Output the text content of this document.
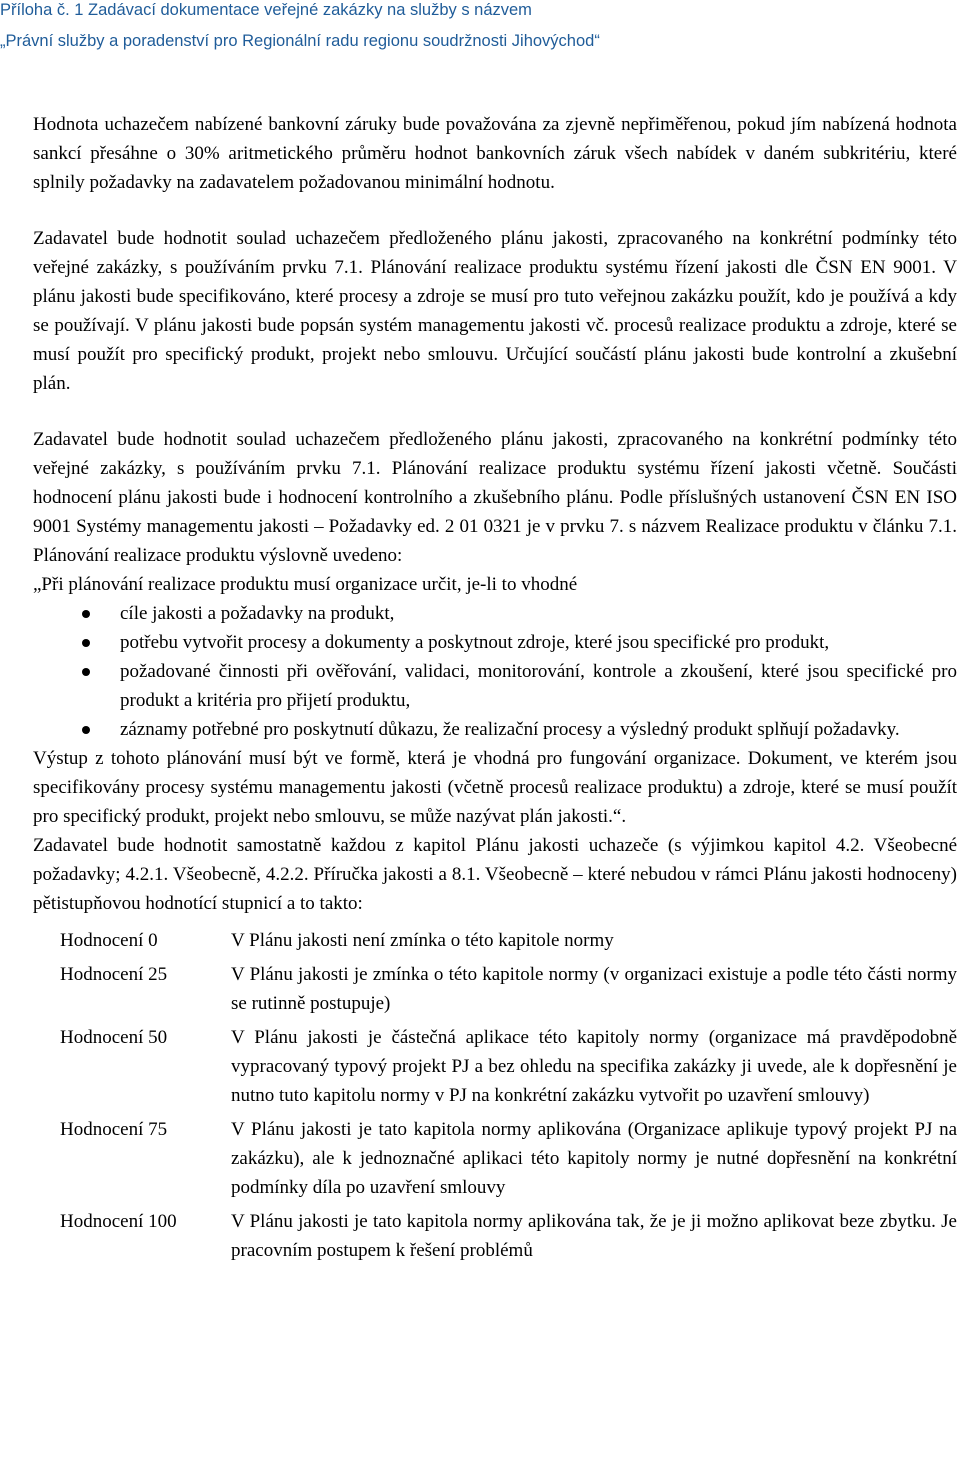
Příloha č. 1 Zadávací dokumentace veřejné zakázky na služby s názvem
„Právní služby a poradenství pro Regionální radu regionu soudržnosti Jihovýchod“

Hodnota uchazečem nabízené bankovní záruky bude považována za zjevně nepřiměřenou, pokud jím nabízená hodnota sankcí přesáhne o 30% aritmetického průměru hodnot bankovních záruk všech nabídek v daném subkritériu, které splnily požadavky na zadavatelem požadovanou minimální hodnotu.

Zadavatel bude hodnotit soulad uchazečem předloženého plánu jakosti, zpracovaného na konkrétní podmínky této veřejné zakázky, s používáním prvku 7.1. Plánování realizace produktu systému řízení jakosti dle ČSN EN 9001. V plánu jakosti bude specifikováno, které procesy a zdroje se musí pro tuto veřejnou zakázku použít, kdo je používá a kdy se používají. V plánu jakosti bude popsán systém managementu jakosti vč. procesů realizace produktu a zdroje, které se musí použít pro specifický produkt, projekt nebo smlouvu. Určující součástí plánu jakosti bude kontrolní a zkušební plán.

Zadavatel bude hodnotit soulad uchazečem předloženého plánu jakosti, zpracovaného na konkrétní podmínky této veřejné zakázky, s používáním prvku 7.1. Plánování realizace produktu systému řízení jakosti včetně. Součásti hodnocení plánu jakosti bude i hodnocení kontrolního a zkušebního plánu. Podle příslušných ustanovení ČSN EN ISO 9001 Systémy managementu jakosti – Požadavky ed. 2 01 0321 je v prvku 7. s názvem Realizace produktu v článku 7.1. Plánování realizace produktu výslovně uvedeno:

„Při plánování realizace produktu musí organizace určit, je-li to vhodné

cíle jakosti a požadavky na produkt,
potřebu vytvořit procesy a dokumenty a poskytnout zdroje, které jsou specifické pro produkt,
požadované činnosti při ověřování, validaci, monitorování, kontrole a zkoušení, které jsou specifické pro produkt a kritéria pro přijetí produktu,
záznamy potřebné pro poskytnutí důkazu, že realizační procesy a výsledný produkt splňují požadavky.

Výstup z tohoto plánování musí být ve formě, která je vhodná pro fungování organizace. Dokument, ve kterém jsou specifikovány procesy systému managementu jakosti (včetně procesů realizace produktu) a zdroje, které se musí použít pro specifický produkt, projekt nebo smlouvu, se může nazývat plán jakosti.“.

Zadavatel bude hodnotit samostatně každou z kapitol Plánu jakosti uchazeče (s výjimkou kapitol 4.2. Všeobecné požadavky; 4.2.1. Všeobecně, 4.2.2. Příručka jakosti a 8.1. Všeobecně – které nebudou v rámci Plánu jakosti hodnoceny) pětistupňovou hodnotící stupnicí a to takto:

Hodnocení 0	V Plánu jakosti není zmínka o této kapitole normy
Hodnocení 25	V Plánu jakosti je zmínka o této kapitole normy (v organizaci existuje a podle této části normy se rutinně postupuje)
Hodnocení 50	V Plánu jakosti je částečná aplikace této kapitoly normy (organizace má pravděpodobně vypracovaný typový projekt PJ a bez ohledu na specifika zakázky ji uvede, ale k dopřesnění je nutno tuto kapitolu normy v PJ na konkrétní zakázku vytvořit po uzavření smlouvy)
Hodnocení 75	V Plánu jakosti je tato kapitola normy aplikována (Organizace aplikuje typový projekt PJ na zakázku), ale k jednoznačné aplikaci této kapitoly normy je nutné dopřesnění na konkrétní podmínky díla po uzavření smlouvy
Hodnocení 100	V Plánu jakosti je tato kapitola normy aplikována tak, že je ji možno aplikovat beze zbytku. Je pracovním postupem k řešení problémů
